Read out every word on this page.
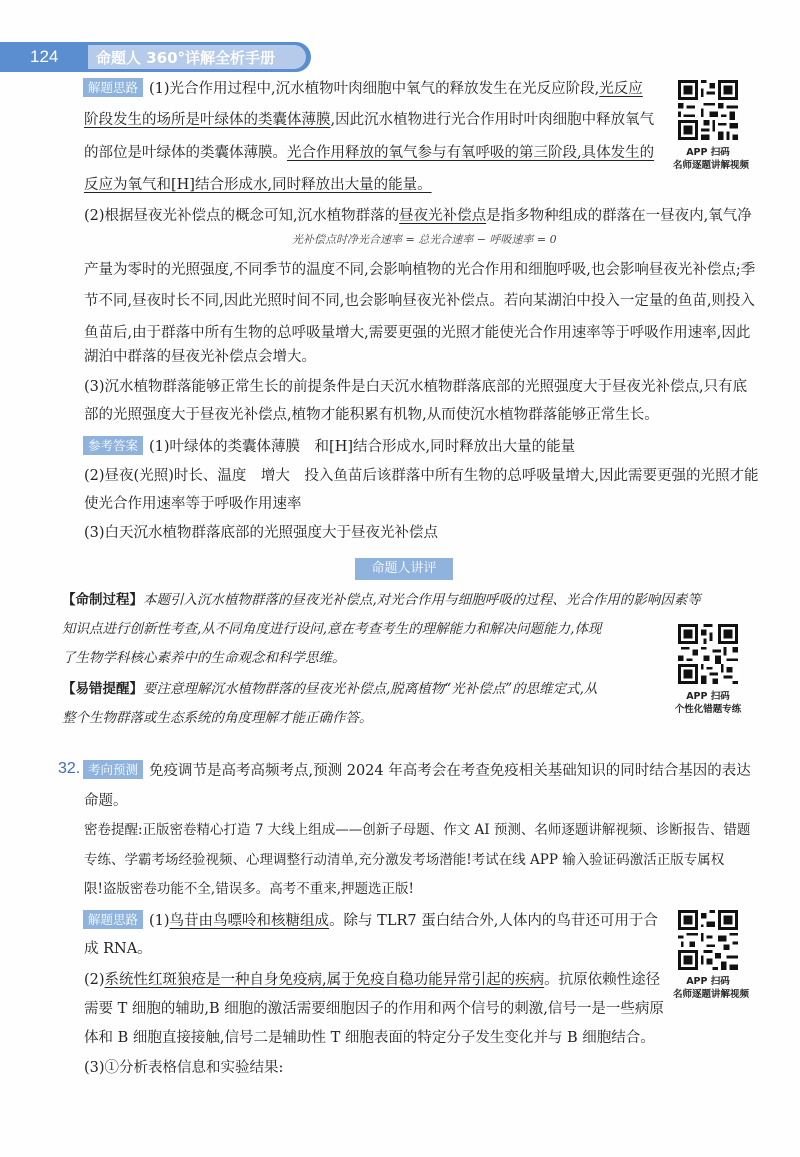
124	命题人 360°详解全析手册
解题思路 (1)光合作用过程中,沉水植物叶肉细胞中氧气的释放发生在光反应阶段,光反应
阶段发生的场所是叶绿体的类囊体薄膜,因此沉水植物进行光合作用时叶肉细胞中释放氧气
的部位是叶绿体的类囊体薄膜。光合作用释放的氧气参与有氧呼吸的第三阶段,具体发生的
反应为氧气和[H]结合形成水,同时释放出大量的能量。
(2)根据昼夜光补偿点的概念可知,沉水植物群落的昼夜光补偿点是指多物种组成的群落在一昼夜内,氧气净
光补偿点时净光合速率 = 总光合速率 − 呼吸速率 = 0
产量为零时的光照强度,不同季节的温度不同,会影响植物的光合作用和细胞呼吸,也会影响昼夜光补偿点;季
节不同,昼夜时长不同,因此光照时间不同,也会影响昼夜光补偿点。若向某湖泊中投入一定量的鱼苗,则投入
鱼苗后,由于群落中所有生物的总呼吸量增大,需要更强的光照才能使光合作用速率等于呼吸作用速率,因此
湖泊中群落的昼夜光补偿点会增大。
(3)沉水植物群落能够正常生长的前提条件是白天沉水植物群落底部的光照强度大于昼夜光补偿点,只有底
部的光照强度大于昼夜光补偿点,植物才能积累有机物,从而使沉水植物群落能够正常生长。
参考答案 (1)叶绿体的类囊体薄膜　和[H]结合形成水,同时释放出大量的能量
(2)昼夜(光照)时长、温度　增大　投入鱼苗后该群落中所有生物的总呼吸量增大,因此需要更强的光照才能
使光合作用速率等于呼吸作用速率
(3)白天沉水植物群落底部的光照强度大于昼夜光补偿点
命题人讲评
【命制过程】本题引入沉水植物群落的昼夜光补偿点,对光合作用与细胞呼吸的过程、光合作用的影响因素等
知识点进行创新性考查,从不同角度进行设问,意在考查考生的理解能力和解决问题能力,体现
了生物学科核心素养中的生命观念和科学思维。
【易错提醒】要注意理解沉水植物群落的昼夜光补偿点,脱离植物“光补偿点”的思维定式,从
整个生物群落或生态系统的角度理解才能正确作答。
32. 考向预测 免疫调节是高考高频考点,预测 2024 年高考会在考查免疫相关基础知识的同时结合基因的表达
命题。
密卷提醒:正版密卷精心打造 7 大线上组成——创新子母题、作文 AI 预测、名师逐题讲解视频、诊断报告、错题
专练、学霸考场经验视频、心理调整行动清单,充分激发考场潜能!考试在线 APP 输入验证码激活正版专属权
限!盗版密卷功能不全,错误多。高考不重来,押题选正版!
解题思路 (1)鸟苷由鸟嘌呤和核糖组成。除与 TLR7 蛋白结合外,人体内的鸟苷还可用于合
成 RNA。
(2)系统性红斑狼疮是一种自身免疫病,属于免疫自稳功能异常引起的疾病。抗原依赖性途径
需要 T 细胞的辅助,B 细胞的激活需要细胞因子的作用和两个信号的刺激,信号一是一些病原
体和 B 细胞直接接触,信号二是辅助性 T 细胞表面的特定分子发生变化并与 B 细胞结合。
(3)①分析表格信息和实验结果:
APP 扫码
名师逐题讲解视频
APP 扫码
个性化错题专练
APP 扫码
名师逐题讲解视频
